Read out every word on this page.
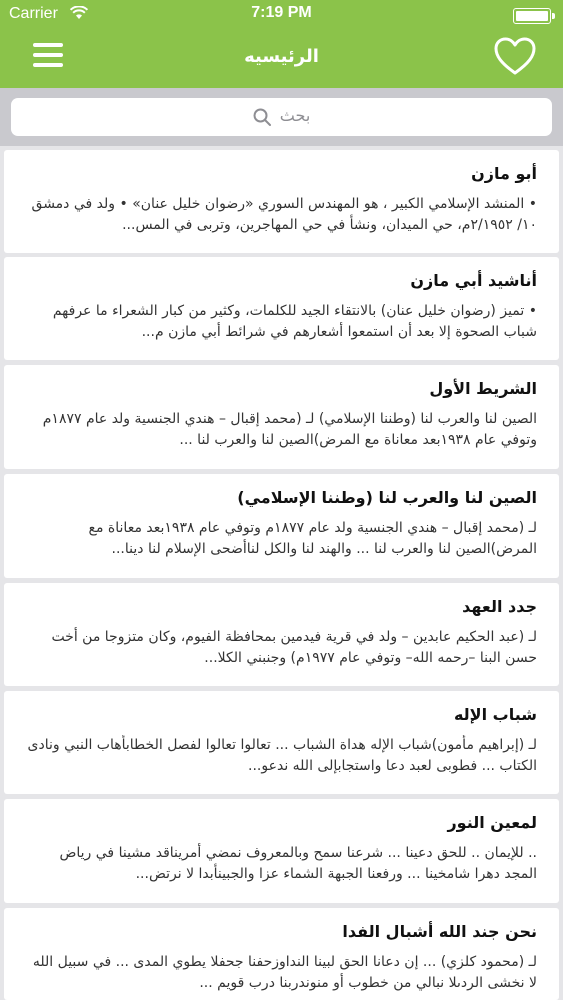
Carrier	7:19 PM
الرئيسيه
بحث
أبو مازن
• المنشد الإسلامي الكبير ، هو المهندس السوري «رضوان خليل عنان» • ولد في دمشق ١٠/ ٢/١٩٥٢م، حي الميدان، ونشأ في حي المهاجرين، وتربى في المس...
أناشيد أبي مازن
• تميز (رضوان خليل عنان) بالانتقاء الجيد للكلمات، وكثير من كبار الشعراء ما عرفهم شباب الصحوة إلا بعد أن استمعوا أشعارهم في شرائط أبي مازن م...
الشريط الأول
الصين لنا والعرب لنا (وطننا الإسلامي) لـ (محمد إقبال – هندي الجنسية ولد عام ١٨٧٧م وتوفي عام ١٩٣٨بعد معاناة مع المرض)الصين لنا والعرب لنا ...
الصين لنا والعرب لنا (وطننا الإسلامي)
لـ (محمد إقبال – هندي الجنسية ولد عام ١٨٧٧م وتوفي عام ١٩٣٨بعد معاناة مع المرض)الصين لنا والعرب لنا ... والهند لنا والكل لناأضحى الإسلام لنا دينا...
جدد العهد
لـ (عبد الحكيم عابدين – ولد في قرية فيدمين بمحافظة الفيوم، وكان متزوجا من أخت حسن البنا –رحمه الله– وتوفي عام ١٩٧٧م) وجنبني الكلا...
شباب الإله
لـ (إبراهيم مأمون)شباب الإله هداة الشباب ... تعالوا تعالوا لفصل الخطابأهاب النبي ونادى الكتاب ... فطوبى لعبد دعا واستجابإلى الله ندعو...
لمعين النور
.. للإيمان .. للحق دعينا ... شرعنا سمح وبالمعروف نمضي أمريناقد مشينا في رياض المجد دهرا شامخينا ... ورفعنا الجبهة الشماء عزا والجبينأبدا لا نرتض...
نحن جند الله أشبال الفدا
لـ (محمود كلزي) ... إن دعانا الحق لبينا النداوزحفنا جحفلا يطوي المدى ... في سبيل الله لا نخشى الردىلا نبالي من خطوب أو منوندربنا درب قويم ...
